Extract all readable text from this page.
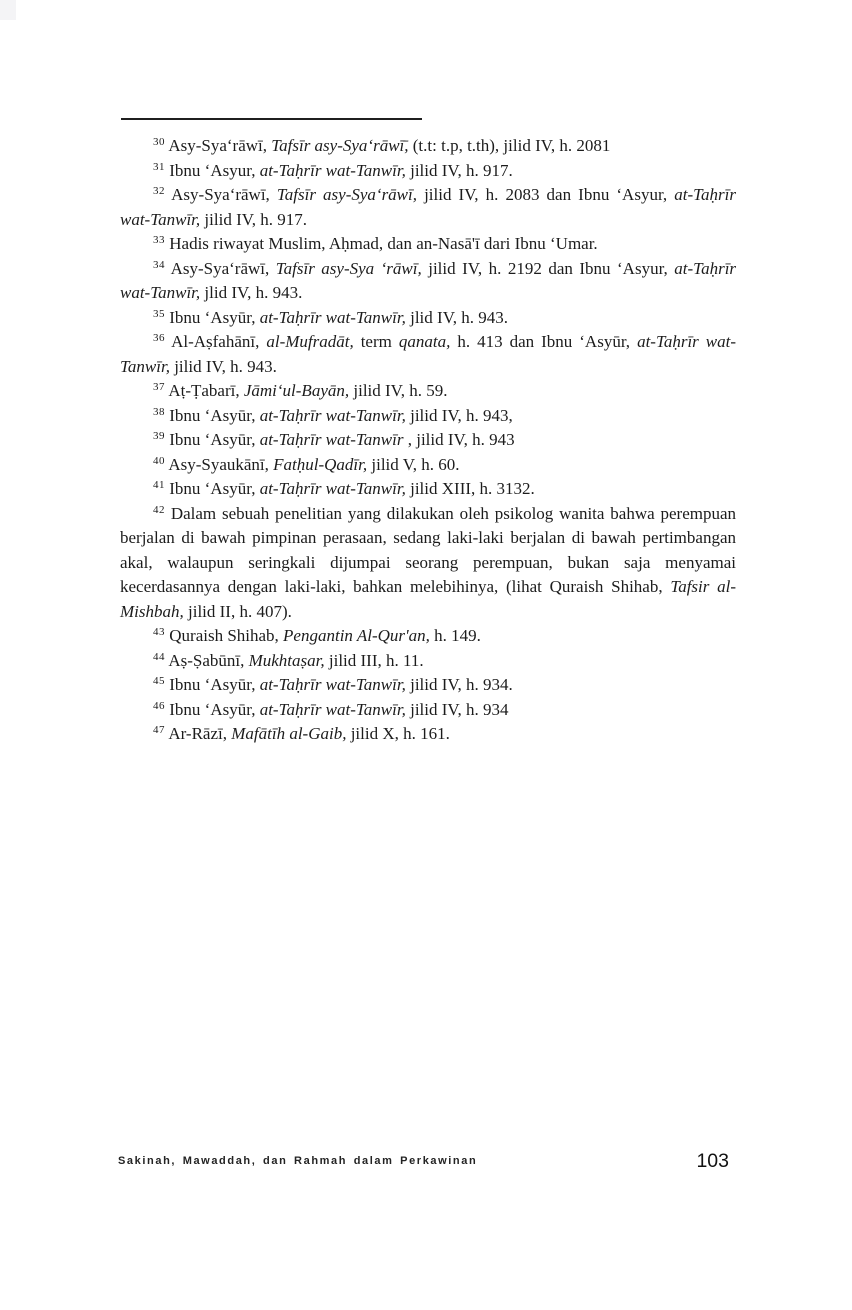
$^{30}$ Asy-Sya‘rāwī, Tafsīr asy-Sya‘rāwī̄, (t.t: t.p, t.th), jilid IV, h. 2081

$^{31}$ Ibnu ‘Asyur, at-Taḥrīr wat-Tanwīr, jilid IV, h. 917.

$^{32}$ Asy-Sya‘rāwī, Tafsīr asy-Sya‘rāwī, jilid IV, h. 2083 dan Ibnu ‘Asyur, at-Taḥrīr wat-Tanwīr, jilid IV, h. 917.

$^{33}$ Hadis riwayat Muslim, Aḥmad, dan an-Nasā'ī dari Ibnu ‘Umar.

$^{34}$ Asy-Sya‘rāwī, Tafsīr asy-Sya ‘rāwī, jilid IV, h. 2192 dan Ibnu ‘Asyur, at-Taḥrīr wat-Tanwīr, jlid IV, h. 943.

$^{35}$ Ibnu ‘Asyūr, at-Taḥrīr wat-Tanwīr, jlid IV, h. 943.

$^{36}$ Al-Aṣfahānī, al-Mufradāt, term qanata, h. 413 dan Ibnu ‘Asyūr, at-Taḥrīr wat-Tanwīr, jilid IV, h. 943.

$^{37}$ Aṭ-Ṭabarī, Jāmi‘ul-Bayān, jilid IV, h. 59.

$^{38}$ Ibnu ‘Asyūr, at-Taḥrīr wat-Tanwīr, jilid IV, h. 943,

$^{39}$ Ibnu ‘Asyūr, at-Taḥrīr wat-Tanwīr , jilid IV, h. 943

$^{40}$ Asy-Syaukānī, Fatḥul-Qadīr, jilid V, h. 60.

$^{41}$ Ibnu ‘Asyūr, at-Taḥrīr wat-Tanwīr, jilid XIII, h. 3132.

$^{42}$ Dalam sebuah penelitian yang dilakukan oleh psikolog wanita bahwa perempuan berjalan di bawah pimpinan perasaan, sedang laki-laki berjalan di bawah pertimbangan akal, walaupun seringkali dijumpai seorang perempuan, bukan saja menyamai kecerdasannya dengan laki-laki, bahkan melebihinya, (lihat Quraish Shihab, Tafsir al-Mishbah, jilid II, h. 407).

$^{43}$ Quraish Shihab, Pengantin Al-Qur'an, h. 149.

$^{44}$ Aṣ-Ṣabūnī, Mukhtaṣar, jilid III, h. 11.

$^{45}$ Ibnu ‘Asyūr, at-Taḥrīr wat-Tanwīr, jilid IV, h. 934.

$^{46}$ Ibnu ‘Asyūr, at-Taḥrīr wat-Tanwīr, jilid IV, h. 934

$^{47}$ Ar-Rāzī, Mafātīh al-Gaib, jilid X, h. 161.

Sakinah, Mawaddah, dan Rahmah dalam Perkawinan	103
